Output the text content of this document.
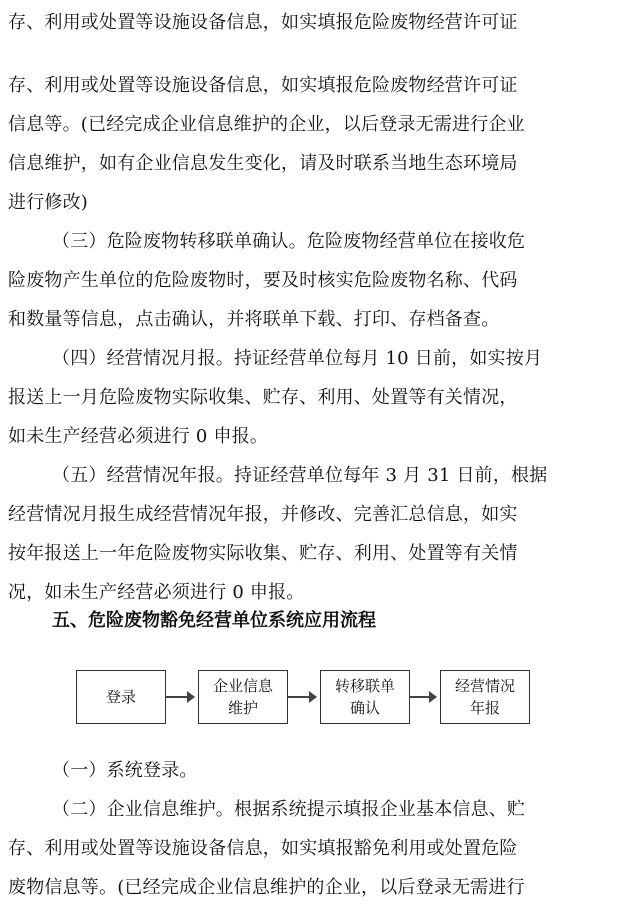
存、利用或处置等设施设备信息，如实填报危险废物经营许可证
存、利用或处置等设施设备信息，如实填报危险废物经营许可证
信息等。(已经完成企业信息维护的企业，以后登录无需进行企业
信息维护，如有企业信息发生变化，请及时联系当地生态环境局
进行修改)
（三）危险废物转移联单确认。危险废物经营单位在接收危
险废物产生单位的危险废物时，要及时核实危险废物名称、代码
和数量等信息，点击确认，并将联单下载、打印、存档备查。
（四）经营情况月报。持证经营单位每月 10 日前，如实按月
报送上一月危险废物实际收集、贮存、利用、处置等有关情况，
如未生产经营必须进行 0 申报。
（五）经营情况年报。持证经营单位每年 3 月 31 日前，根据
经营情况月报生成经营情况年报，并修改、完善汇总信息，如实
按年报送上一年危险废物实际收集、贮存、利用、处置等有关情
况，如未生产经营必须进行 0 申报。
五、危险废物豁免经营单位系统应用流程
登录
企业信息
维护
转移联单
确认
经营情况
年报
（一）系统登录。
（二）企业信息维护。根据系统提示填报企业基本信息、贮
存、利用或处置等设施设备信息，如实填报豁免利用或处置危险
废物信息等。(已经完成企业信息维护的企业，以后登录无需进行
